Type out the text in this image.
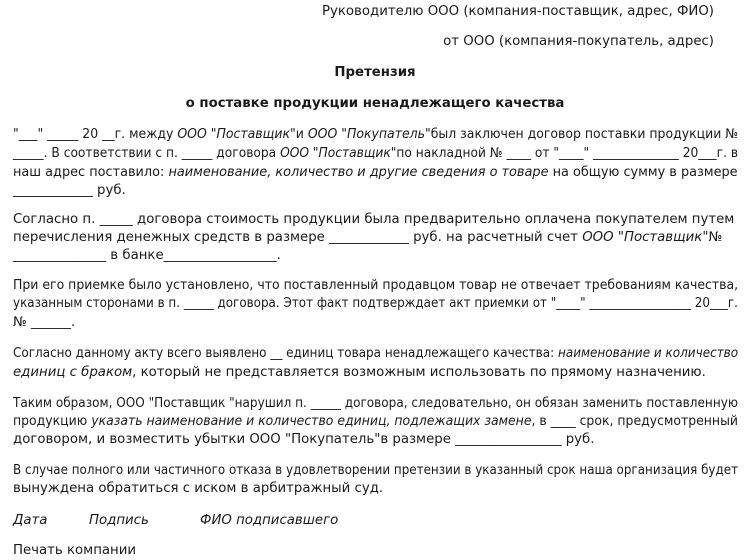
Руководителю ООО (компания-поставщик, адрес, ФИО)
от ООО (компания-покупатель, адрес)
Претензия
о поставке продукции ненадлежащего качества
"___" _____ 20 __г. между ООО "Поставщик"и ООО "Покупатель"был заключен договор поставки продукции №
_____. В соответствии с п. _____ договора ООО "Поставщик"по накладной № ____ от "____" ______________ 20___г. в
наш адрес поставило: наименование, количество и другие сведения о товаре на общую сумму в размере
____________ руб.
Согласно п. _____ договора стоимость продукции была предварительно оплачена покупателем путем
перечисления денежных средств в размере ____________ руб. на расчетный счет ООО "Поставщик"№
______________ в банке_________________.
При его приемке было установлено, что поставленный продавцом товар не отвечает требованиям качества,
указанным сторонами в п. _____ договора. Этот факт подтверждает акт приемки от "____" _________________ 20___г.
№ ______.
Согласно данному акту всего выявлено __ единиц товара ненадлежащего качества: наименование и количество
единиц с браком, который не представляется возможным использовать по прямому назначению.
Таким образом, ООО "Поставщик "нарушил п. _____ договора, следовательно, он обязан заменить поставленную
продукцию указать наименование и количество единиц, подлежащих замене, в ____ срок, предусмотренный
договором, и возместить убытки ООО "Покупатель"в размере ________________ руб.
В случае полного или частичного отказа в удовлетворении претензии в указанный срок наша организация будет
вынуждена обратиться с иском в арбитражный суд.
Дата	Подпись	ФИО подписавшего
Печать компании
